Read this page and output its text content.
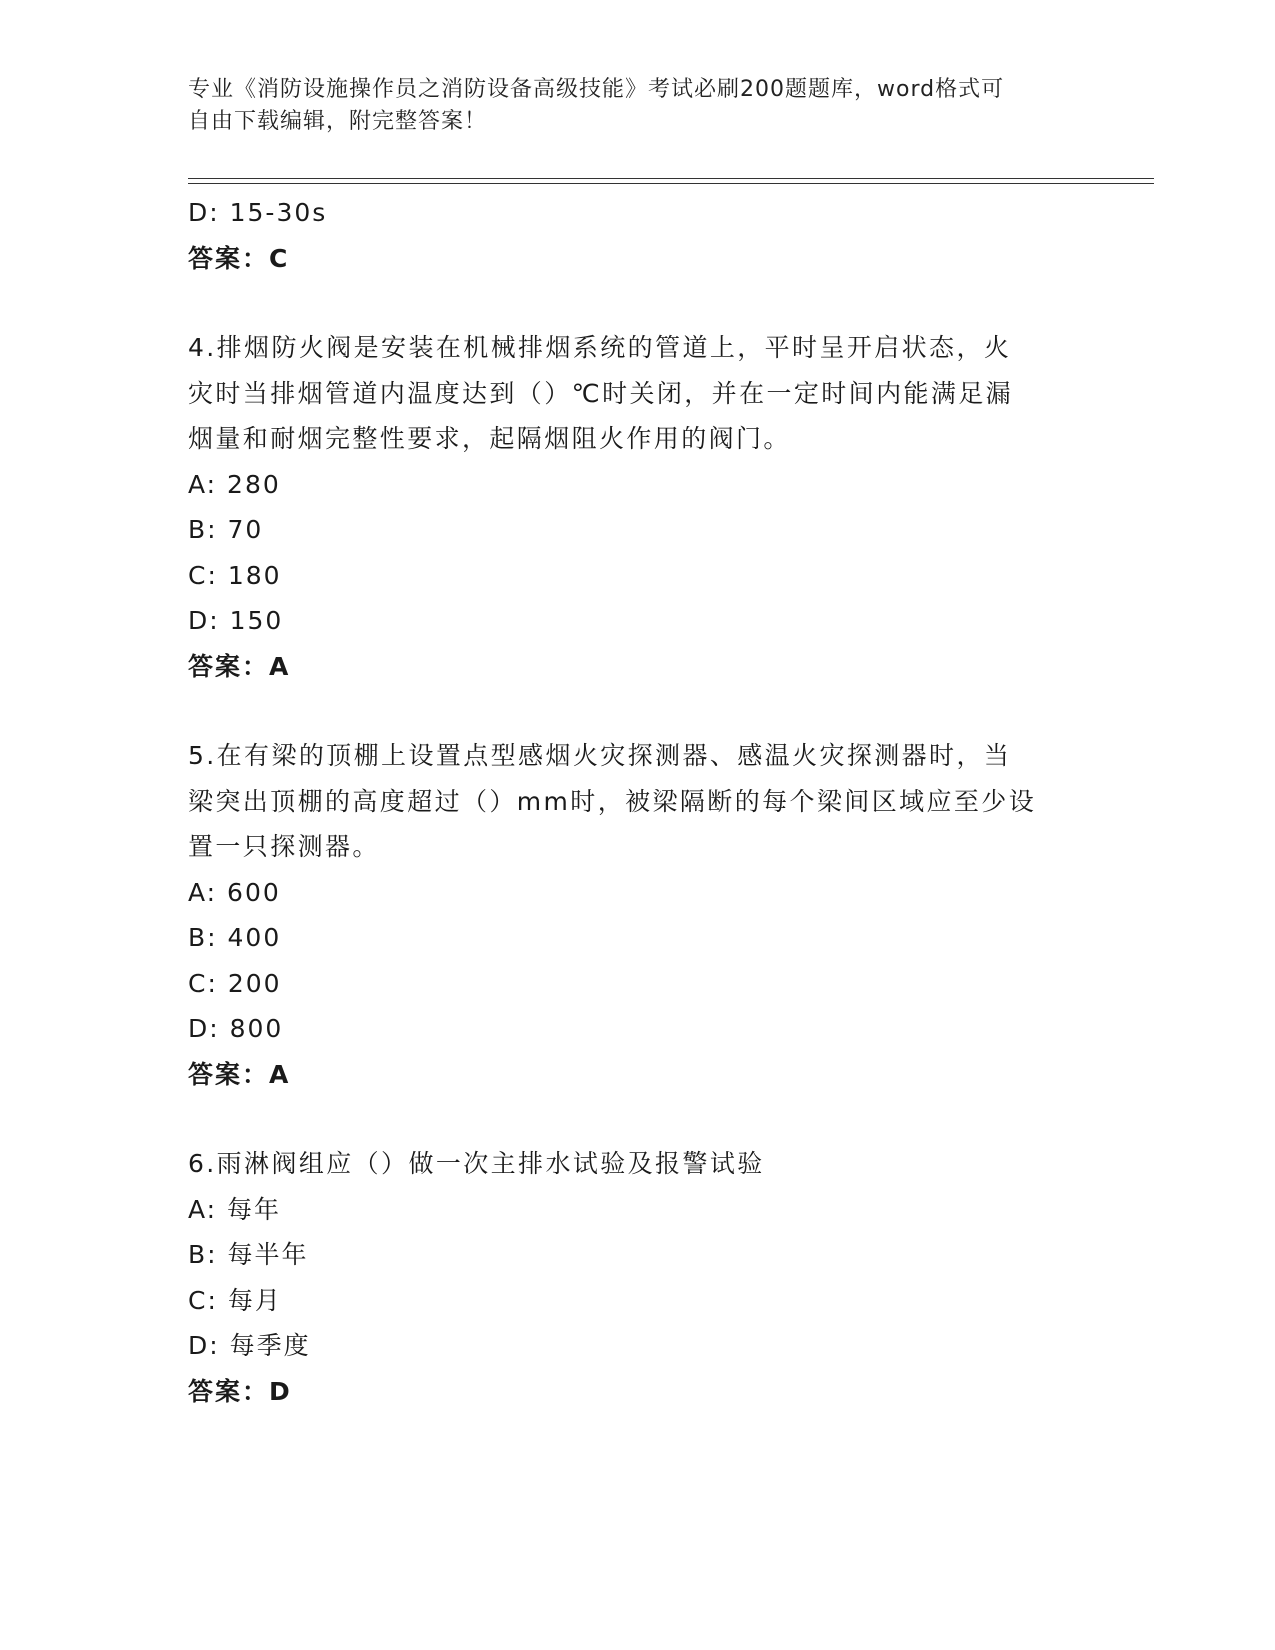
专业《消防设施操作员之消防设备高级技能》考试必刷200题题库，word格式可
自由下载编辑，附完整答案！
D: 15-30s
答案：C
4.排烟防火阀是安装在机械排烟系统的管道上，平时呈开启状态，火
灾时当排烟管道内温度达到（）℃时关闭，并在一定时间内能满足漏
烟量和耐烟完整性要求，起隔烟阻火作用的阀门。
A: 280
B: 70
C: 180
D: 150
答案：A
5.在有梁的顶棚上设置点型感烟火灾探测器、感温火灾探测器时，当
梁突出顶棚的高度超过（）mm时，被梁隔断的每个梁间区域应至少设
置一只探测器。
A: 600
B: 400
C: 200
D: 800
答案：A
6.雨淋阀组应（）做一次主排水试验及报警试验
A: 每年
B: 每半年
C: 每月
D: 每季度
答案：D
